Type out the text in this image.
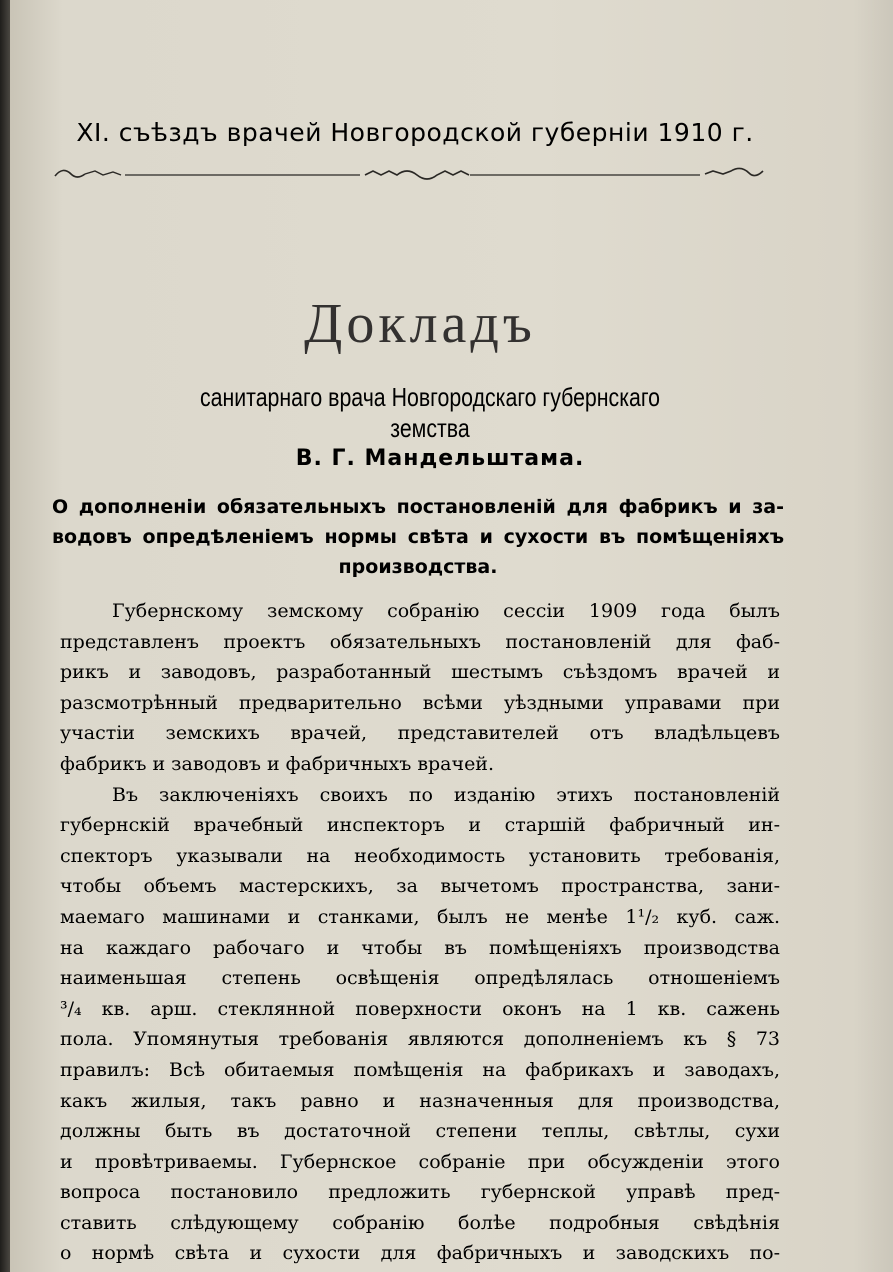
XI. съѣздъ врачей Новгородской губерніи 1910 г.
Докладъ
санитарнаго врача Новгородскаго губернскаго земства
В. Г. Мандельштама.
О дополненіи обязательныхъ постановленій для фабрикъ и за-
водовъ опредѣленіемъ нормы свѣта и сухости въ помѣщеніяхъ
производства.
Губернскому земскому собранію сессіи 1909 года былъ
представленъ проектъ обязательныхъ постановленій для фаб-
рикъ и заводовъ, разработанный шестымъ съѣздомъ врачей и
разсмотрѣнный предварительно всѣми уѣздными управами при
участіи земскихъ врачей, представителей отъ владѣльцевъ
фабрикъ и заводовъ и фабричныхъ врачей.
Въ заключеніяхъ своихъ по изданію этихъ постановленій
губернскій врачебный инспекторъ и старшій фабричный ин-
спекторъ указывали на необходимость установить требованія,
чтобы объемъ мастерскихъ, за вычетомъ пространства, зани-
маемаго машинами и станками, былъ не менѣе 1¹/₂ куб. саж.
на каждаго рабочаго и чтобы въ помѣщеніяхъ производства
наименьшая степень освѣщенія опредѣлялась отношеніемъ
³/₄ кв. арш. стеклянной поверхности оконъ на 1 кв. сажень
пола. Упомянутыя требованія являются дополненіемъ къ § 73
правилъ: Всѣ обитаемыя помѣщенія на фабрикахъ и заводахъ,
какъ жилыя, такъ равно и назначенныя для производства,
должны быть въ достаточной степени теплы, свѣтлы, сухи
и провѣтриваемы. Губернское собраніе при обсужденіи этого
вопроса постановило предложить губернской управѣ пред-
ставить слѣдующему собранію болѣе подробныя свѣдѣнія
о нормѣ свѣта и сухости для фабричныхъ и заводскихъ по-
